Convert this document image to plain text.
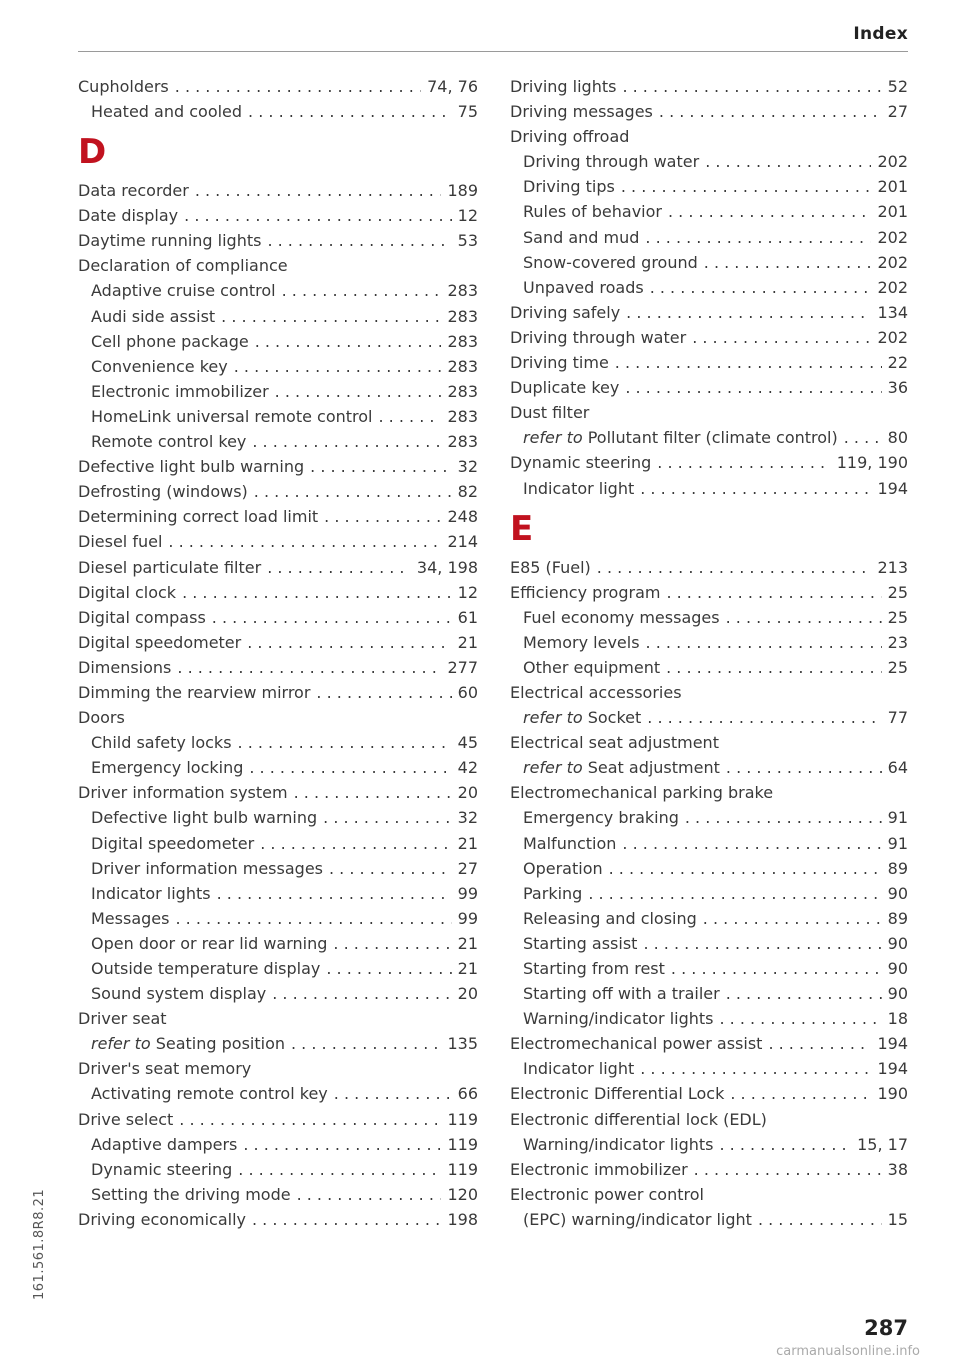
Index
Cupholders . . .	74, 76
Heated and cooled . . .	75
D
Data recorder . . .	189
Date display . . .	12
Daytime running lights . . .	53
Declaration of compliance
Adaptive cruise control . . .	283
Audi side assist . . .	283
Cell phone package . . .	283
Convenience key . . .	283
Electronic immobilizer . . .	283
HomeLink universal remote control . . .	283
Remote control key . . .	283
Defective light bulb warning . . .	32
Defrosting (windows) . . .	82
Determining correct load limit . . .	248
Diesel fuel . . .	214
Diesel particulate filter . . .	34, 198
Digital clock . . .	12
Digital compass . . .	61
Digital speedometer . . .	21
Dimensions . . .	277
Dimming the rearview mirror . . .	60
Doors
Child safety locks . . .	45
Emergency locking . . .	42
Driver information system . . .	20
Defective light bulb warning . . .	32
Digital speedometer . . .	21
Driver information messages . . .	27
Indicator lights . . .	99
Messages . . .	99
Open door or rear lid warning . . .	21
Outside temperature display . . .	21
Sound system display . . .	20
Driver seat
refer to Seating position . . .	135
Driver's seat memory
Activating remote control key . . .	66
Drive select . . .	119
Adaptive dampers . . .	119
Dynamic steering . . .	119
Setting the driving mode . . .	120
Driving economically . . .	198
Driving lights . . .	52
Driving messages . . .	27
Driving offroad
Driving through water . . .	202
Driving tips . . .	201
Rules of behavior . . .	201
Sand and mud . . .	202
Snow-covered ground . . .	202
Unpaved roads . . .	202
Driving safely . . .	134
Driving through water . . .	202
Driving time . . .	22
Duplicate key . . .	36
Dust filter
refer to Pollutant filter (climate control) . . .	80
Dynamic steering . . .	119, 190
Indicator light . . .	194
E
E85 (Fuel) . . .	213
Efficiency program . . .	25
Fuel economy messages . . .	25
Memory levels . . .	23
Other equipment . . .	25
Electrical accessories
refer to Socket . . .	77
Electrical seat adjustment
refer to Seat adjustment . . .	64
Electromechanical parking brake
Emergency braking . . .	91
Malfunction . . .	91
Operation . . .	89
Parking . . .	90
Releasing and closing . . .	89
Starting assist . . .	90
Starting from rest . . .	90
Starting off with a trailer . . .	90
Warning/indicator lights . . .	18
Electromechanical power assist . . .	194
Indicator light . . .	194
Electronic Differential Lock . . .	190
Electronic differential lock (EDL)
Warning/indicator lights . . .	15, 17
Electronic immobilizer . . .	38
Electronic power control
(EPC) warning/indicator light . . .	15
161.561.8R8.21
287
carmanualsonline.info
